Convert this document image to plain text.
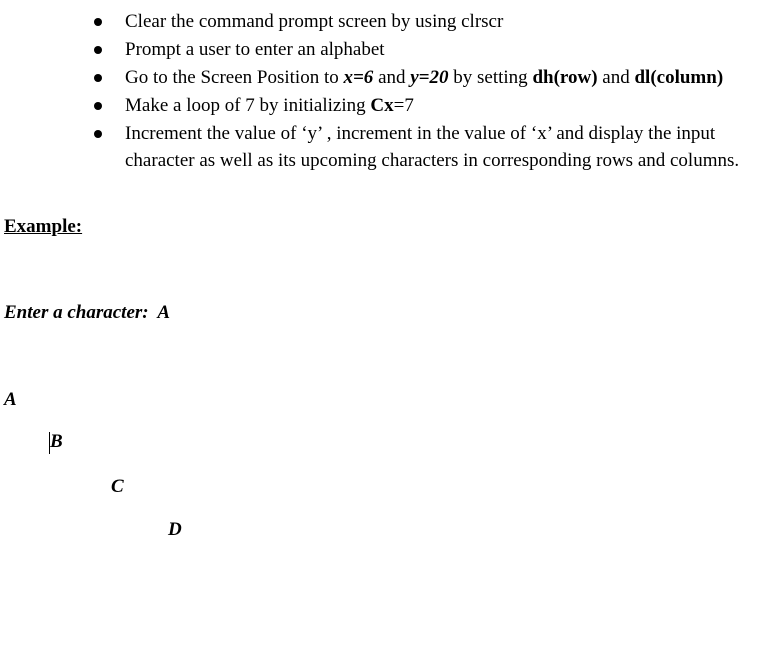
Clear the command prompt screen by using clrscr
Prompt a user to enter an alphabet
Go to the Screen Position to x=6 and y=20 by setting dh(row) and dl(column)
Make a loop of 7 by initializing Cx=7
Increment the value of ‘y’ , increment in the value of ‘x’ and display the input character as well as its upcoming characters in corresponding rows and columns.
Example:
Enter a character:  A
A
B
C
D
